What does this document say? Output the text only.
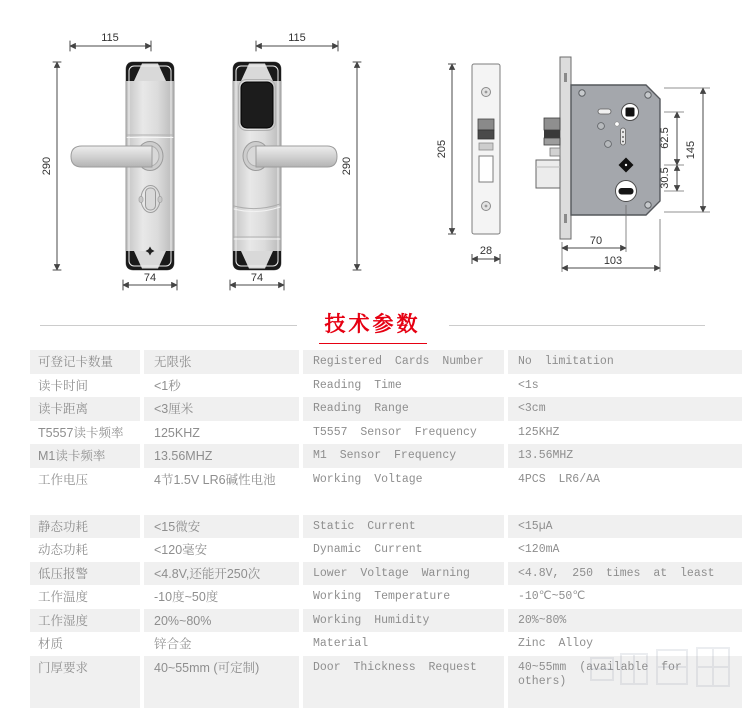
115
290
74
115
290
74
205
28
62.5
30.5
145
70
103
技术参数
可登记卡数量	无限张	Registered Cards Number	No limitation
读卡时间	<1秒	Reading Time	<1s
读卡距离	<3厘米	Reading Range	<3cm
T5557读卡频率	125KHZ	T5557 Sensor Frequency	125KHZ
M1读卡频率	13.56MHZ	M1 Sensor Frequency	13.56MHZ
工作电压	4节1.5V LR6碱性电池	Working Voltage	4PCS LR6/AA
静态功耗	<15微安	Static Current	<15µA
动态功耗	<120毫安	Dynamic Current	<120mA
低压报警	<4.8V,还能开250次	Lower Voltage Warning	<4.8V, 250 times at least
工作温度	-10度~50度	Working Temperature	-10℃~50℃
工作湿度	20%~80%	Working Humidity	20%~80%
材质	锌合金	Material	Zinc Alloy
门厚要求	40~55mm (可定制)	Door Thickness Request	40~55mm (available for others)
